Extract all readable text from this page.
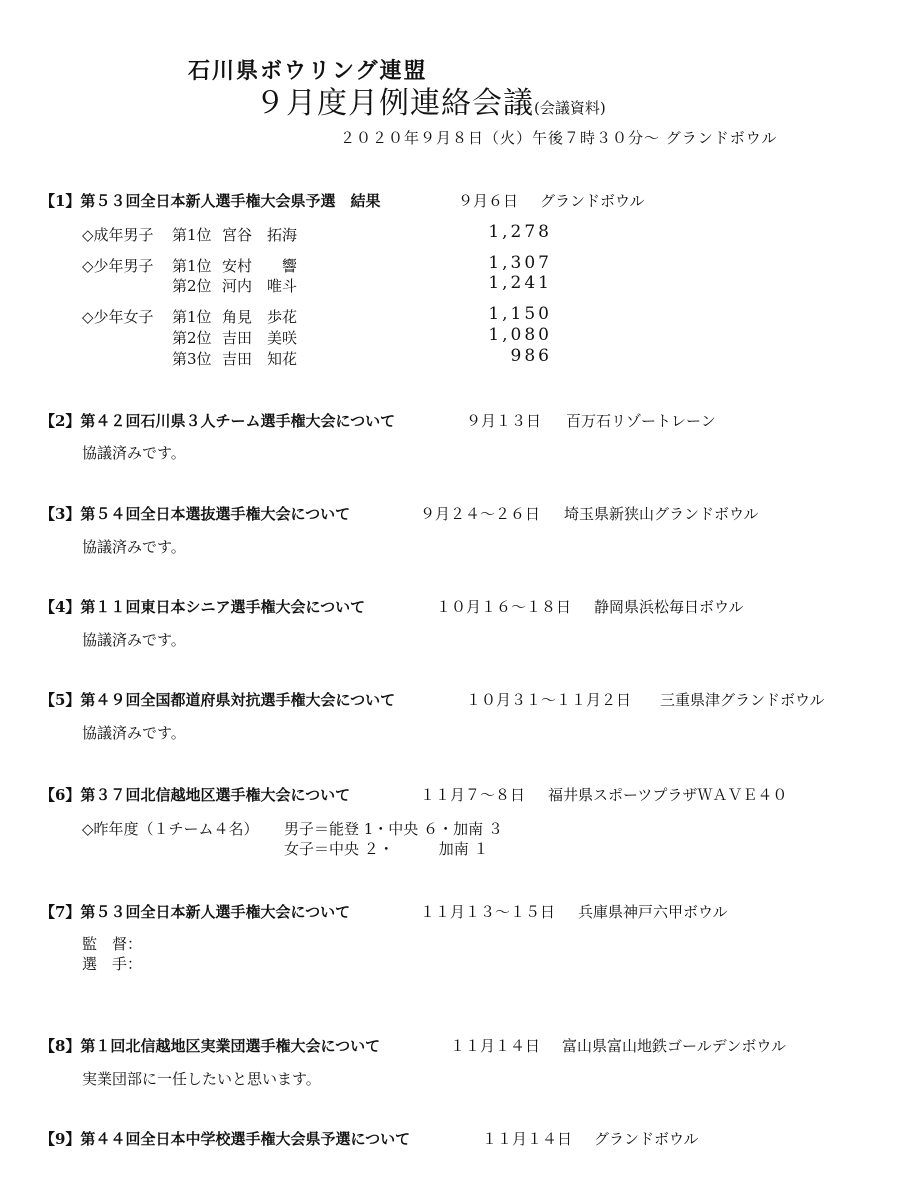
石川県ボウリング連盟
９月度月例連絡会議(会議資料)
２０２０年９月８日（火）午後７時３０分〜 グランドボウル
【1】第５３回全日本新人選手権大会県予選　結果	９月６日 グランドボウル
◇成年男子 第1位 宮谷　拓海	1,278
◇少年男子 第1位 安村　　響	1,307
第2位 河内　唯斗	1,241
◇少年女子 第1位 角見　歩花	1,150
第2位 吉田　美咲	1,080
第3位 吉田　知花	986
【2】第４２回石川県３人チーム選手権大会について	９月１３日 百万石リゾートレーン
協議済みです。
【3】第５４回全日本選抜選手権大会について	９月２４〜２６日 埼玉県新狭山グランドボウル
協議済みです。
【4】第１１回東日本シニア選手権大会について	１０月１６〜１８日 静岡県浜松毎日ボウル
協議済みです。
【5】第４９回全国都道府県対抗選手権大会について	１０月３１〜１１月２日 三重県津グランドボウル
協議済みです。
【6】第３７回北信越地区選手権大会について	１１月７〜８日 福井県スポーツプラザＷＡＶＥ４０
◇昨年度（１チーム４名） 男子＝能登 1・中央 ６・加南 ３
女子＝中央 ２・　　　加南 １
【7】第５３回全日本新人選手権大会について	１１月１３〜１５日 兵庫県神戸六甲ボウル
監　督：
選　手：
【8】第１回北信越地区実業団選手権大会について	１１月１４日 富山県富山地鉄ゴールデンボウル
実業団部に一任したいと思います。
【9】第４４回全日本中学校選手権大会県予選について	１１月１４日 グランドボウル
